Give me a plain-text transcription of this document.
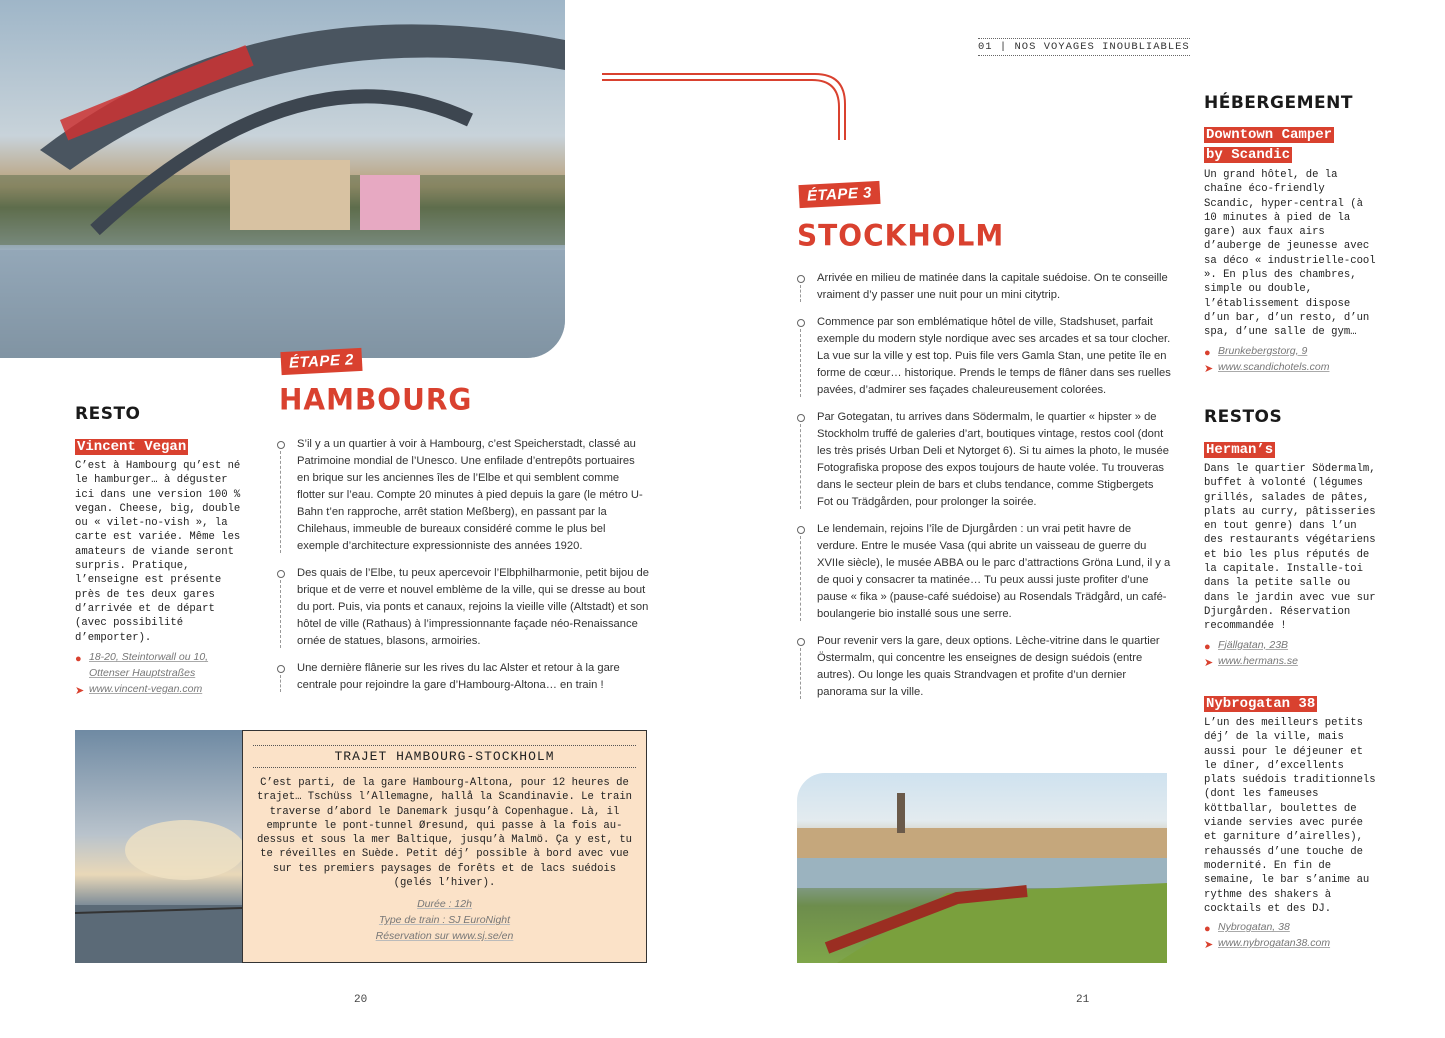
ÉTAPE 2
HAMBOURG
RESTO
Vincent Vegan
C’est à Hambourg qu’est né le hamburger… à déguster ici dans une version 100 % vegan. Cheese, big, double ou « vilet-no-vish », la carte est variée. Même les amateurs de viande seront surpris. Pratique, l’enseigne est présente près de tes deux gares d’arrivée et de départ (avec possibilité d’emporter).
● 18-20, Steintorwall ou 10, Ottenser Hauptstraßes
➤ www.vincent-vegan.com
S’il y a un quartier à voir à Hambourg, c’est Speicherstadt, classé au Patrimoine mondial de l’Unesco. Une enfilade d’entrepôts portuaires en brique sur les anciennes îles de l’Elbe et qui semblent comme flotter sur l’eau. Compte 20 minutes à pied depuis la gare (le métro U-Bahn t’en rapproche, arrêt station Meßberg), en passant par la Chilehaus, immeuble de bureaux considéré comme le plus bel exemple d’architecture expressionniste des années 1920.
Des quais de l’Elbe, tu peux apercevoir l’Elbphilharmonie, petit bijou de brique et de verre et nouvel emblème de la ville, qui se dresse au bout du port. Puis, via ponts et canaux, rejoins la vieille ville (Altstadt) et son hôtel de ville (Rathaus) à l’impressionnante façade néo-Renaissance ornée de statues, blasons, armoiries.
Une dernière flânerie sur les rives du lac Alster et retour à la gare centrale pour rejoindre la gare d’Hambourg-Altona… en train !
TRAJET HAMBOURG-STOCKHOLM
C’est parti, de la gare Hambourg-Altona, pour 12 heures de trajet… Tschüss l’Allemagne, hallå la Scandinavie. Le train traverse d’abord le Danemark jusqu’à Copenhague. Là, il emprunte le pont-tunnel Øresund, qui passe à la fois au-dessus et sous la mer Baltique, jusqu’à Malmö. Ça y est, tu te réveilles en Suède. Petit déj’ possible à bord avec vue sur tes premiers paysages de forêts et de lacs suédois (gelés l’hiver).
Durée : 12h
Type de train : SJ EuroNight
Réservation sur www.sj.se/en
20
01 | NOS VOYAGES INOUBLIABLES
ÉTAPE 3
STOCKHOLM
Arrivée en milieu de matinée dans la capitale suédoise. On te conseille vraiment d’y passer une nuit pour un mini citytrip.
Commence par son emblématique hôtel de ville, Stadshuset, parfait exemple du modern style nordique avec ses arcades et sa tour clocher. La vue sur la ville y est top. Puis file vers Gamla Stan, une petite île en forme de cœur… historique. Prends le temps de flâner dans ses ruelles pavées, d’admirer ses façades chaleureusement colorées.
Par Gotegatan, tu arrives dans Södermalm, le quartier « hipster » de Stockholm truffé de galeries d’art, boutiques vintage, restos cool (dont les très prisés Urban Deli et Nytorget 6). Si tu aimes la photo, le musée Fotografiska propose des expos toujours de haute volée. Tu trouveras dans le secteur plein de bars et clubs tendance, comme Stigbergets Fot ou Trädgården, pour prolonger la soirée.
Le lendemain, rejoins l’île de Djurgården : un vrai petit havre de verdure. Entre le musée Vasa (qui abrite un vaisseau de guerre du XVIIe siècle), le musée ABBA ou le parc d’attractions Gröna Lund, il y a de quoi y consacrer ta matinée… Tu peux aussi juste profiter d’une pause « fika » (pause-café suédoise) au Rosendals Trädgård, un café-boulangerie bio installé sous une serre.
Pour revenir vers la gare, deux options. Lèche-vitrine dans le quartier Östermalm, qui concentre les enseignes de design suédois (entre autres). Ou longe les quais Strandvagen et profite d’un dernier panorama sur la ville.
HÉBERGEMENT
Downtown Camper by Scandic
Un grand hôtel, de la chaîne éco-friendly Scandic, hyper-central (à 10 minutes à pied de la gare) aux faux airs d’auberge de jeunesse avec sa déco « industrielle-cool ». En plus des chambres, simple ou double, l’établissement dispose d’un bar, d’un resto, d’un spa, d’une salle de gym…
● Brunkebergstorg, 9
➤ www.scandichotels.com
RESTOS
Herman’s
Dans le quartier Södermalm, buffet à volonté (légumes grillés, salades de pâtes, plats au curry, pâtisseries en tout genre) dans l’un des restaurants végétariens et bio les plus réputés de la capitale. Installe-toi dans la petite salle ou dans le jardin avec vue sur Djurgården. Réservation recommandée !
● Fjällgatan, 23B
➤ www.hermans.se
Nybrogatan 38
L’un des meilleurs petits déj’ de la ville, mais aussi pour le déjeuner et le dîner, d’excellents plats suédois traditionnels (dont les fameuses köttballar, boulettes de viande servies avec purée et garniture d’airelles), rehaussés d’une touche de modernité. En fin de semaine, le bar s’anime au rythme des shakers à cocktails et des DJ.
● Nybrogatan, 38
➤ www.nybrogatan38.com
21
